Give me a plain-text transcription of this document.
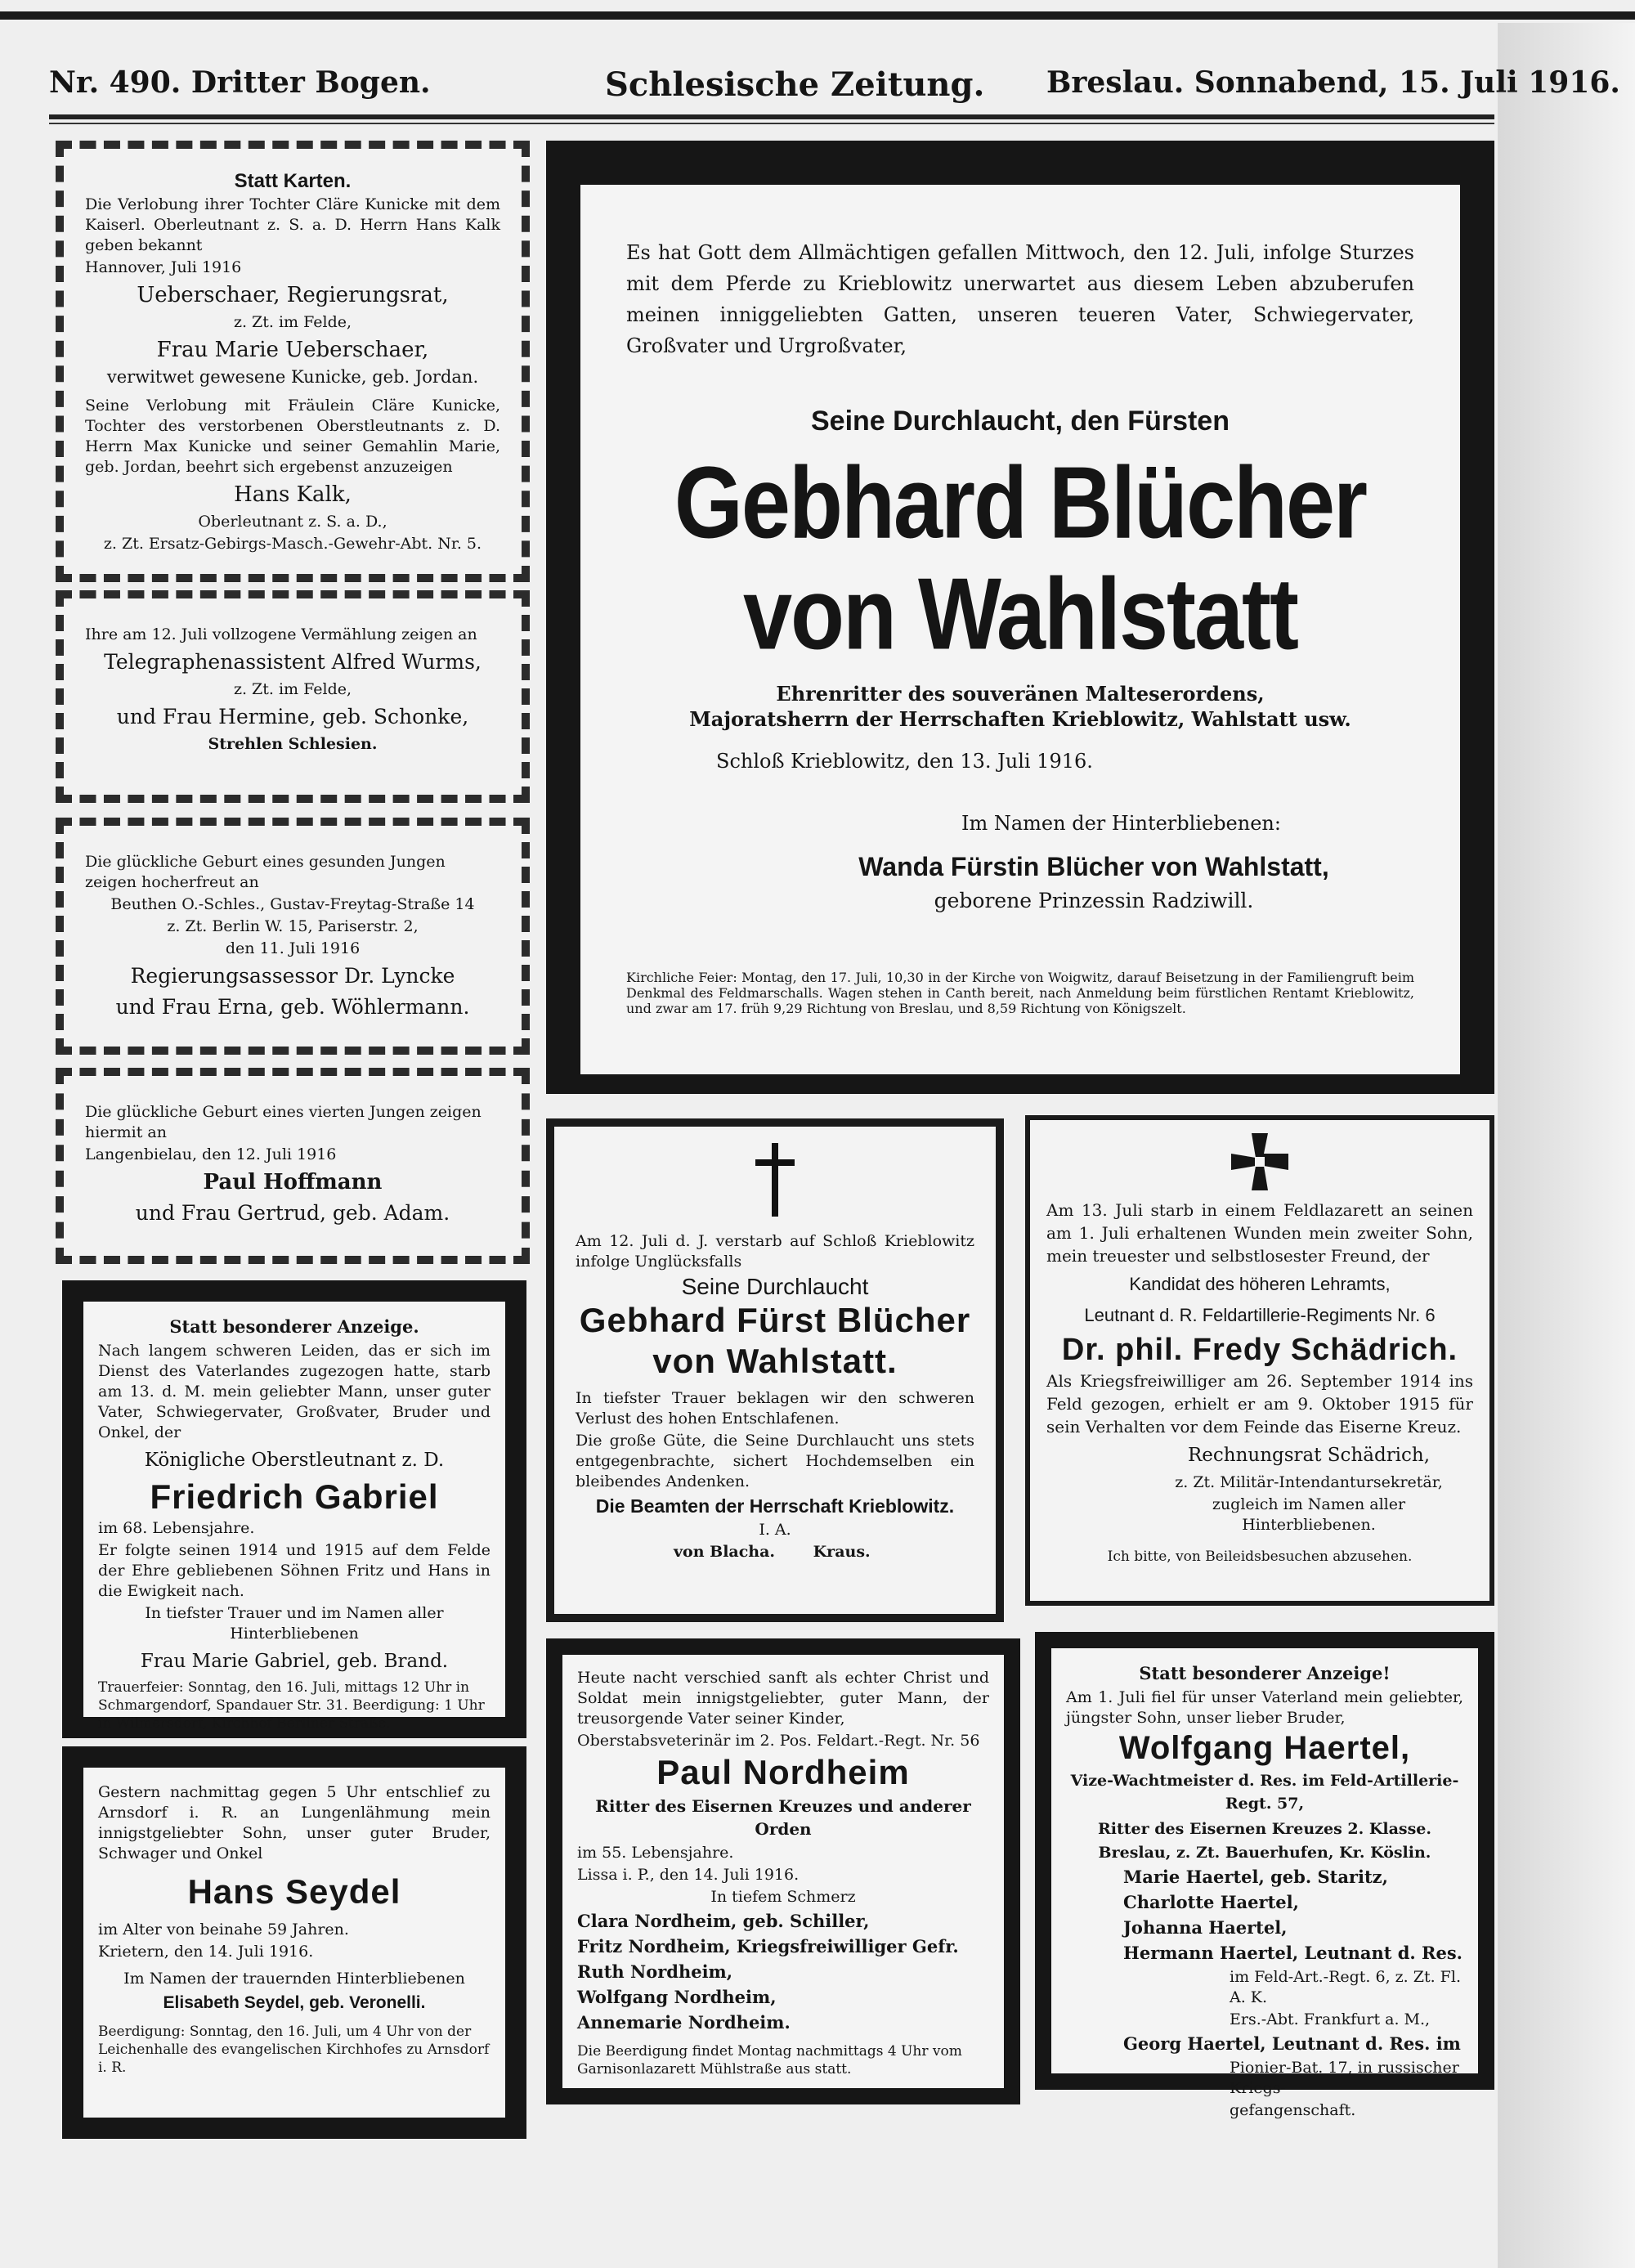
Nr. 490. Dritter Bogen.	Schlesische Zeitung. Breslau. Sonnabend, 15. Juli 1916.
Statt Karten.
Die Verlobung ihrer Tochter Cläre Kunicke mit dem Kaiserl. Oberleutnant z. S. a. D. Herrn Hans Kalk geben bekannt
Hannover, Juli 1916
Ueberschaer, Regierungsrat,
z. Zt. im Felde,
Frau Marie Ueberschaer,
verwitwet gewesene Kunicke, geb. Jordan.
Seine Verlobung mit Fräulein Cläre Kunicke, Tochter des verstorbenen Oberstleutnants z. D. Herrn Max Kunicke und seiner Gemahlin Marie, geb. Jordan, beehrt sich ergebenst anzuzeigen
Hans Kalk,
Oberleutnant z. S. a. D.,
z. Zt. Ersatz-Gebirgs-Masch.-Gewehr-Abt. Nr. 5.
Ihre am 12. Juli vollzogene Vermählung zeigen an
Telegraphenassistent Alfred Wurms,
z. Zt. im Felde,
und Frau Hermine, geb. Schonke,
Strehlen Schlesien.
Die glückliche Geburt eines gesunden Jungen zeigen hocherfreut an
Beuthen O.-Schles., Gustav-Freytag-Straße 14
z. Zt. Berlin W. 15, Pariserstr. 2,
den 11. Juli 1916
Regierungsassessor Dr. Lyncke
und Frau Erna, geb. Wöhlermann.
Die glückliche Geburt eines vierten Jungen zeigen hiermit an
Langenbielau, den 12. Juli 1916
Paul Hoffmann
und Frau Gertrud, geb. Adam.
Statt besonderer Anzeige.
Nach langem schweren Leiden, das er sich im Dienst des Vaterlandes zugezogen hatte, starb am 13. d. M. mein geliebter Mann, unser guter Vater, Schwiegervater, Großvater, Bruder und Onkel, der
Königliche Oberstleutnant z. D.
Friedrich Gabriel
im 68. Lebensjahre.
Er folgte seinen 1914 und 1915 auf dem Felde der Ehre gebliebenen Söhnen Fritz und Hans in die Ewigkeit nach.
In tiefster Trauer und im Namen aller Hinterbliebenen
Frau Marie Gabriel, geb. Brand.
Trauerfeier: Sonntag, den 16. Juli, mittags 12 Uhr in Schmargendorf, Spandauer Str. 31. Beerdigung: 1 Uhr in Wilmersdorf, Kirchhof Berliner Straße.
Gestern nachmittag gegen 5 Uhr entschlief zu Arnsdorf i. R. an Lungenlähmung mein innigstgeliebter Sohn, unser guter Bruder, Schwager und Onkel
Hans Seydel
im Alter von beinahe 59 Jahren.
Krietern, den 14. Juli 1916.
Im Namen der trauernden Hinterbliebenen
Elisabeth Seydel, geb. Veronelli.
Beerdigung: Sonntag, den 16. Juli, um 4 Uhr von der Leichenhalle des evangelischen Kirchhofes zu Arnsdorf i. R.
Es hat Gott dem Allmächtigen gefallen Mittwoch, den 12. Juli, infolge Sturzes mit dem Pferde zu Krieblowitz unerwartet aus diesem Leben abzuberufen meinen inniggeliebten Gatten, unseren teueren Vater, Schwiegervater, Großvater und Urgroßvater,
Seine Durchlaucht, den Fürsten
Gebhard Blücher von Wahlstatt
Ehrenritter des souveränen Malteserordens,
Majoratsherrn der Herrschaften Krieblowitz, Wahlstatt usw.
Schloß Krieblowitz, den 13. Juli 1916.
Im Namen der Hinterbliebenen:
Wanda Fürstin Blücher von Wahlstatt,
geborene Prinzessin Radziwill.
Kirchliche Feier: Montag, den 17. Juli, 10,30 in der Kirche von Woigwitz, darauf Beisetzung in der Familiengruft beim Denkmal des Feldmarschalls. Wagen stehen in Canth bereit, nach Anmeldung beim fürstlichen Rentamt Krieblowitz, und zwar am 17. früh 9,29 Richtung von Breslau, und 8,59 Richtung von Königszelt.
Am 12. Juli d. J. verstarb auf Schloß Krieblowitz infolge Unglücksfalls
Seine Durchlaucht
Gebhard Fürst Blücher
von Wahlstatt.
In tiefster Trauer beklagen wir den schweren Verlust des hohen Entschlafenen.
Die große Güte, die Seine Durchlaucht uns stets entgegenbrachte, sichert Hochdemselben ein bleibendes Andenken.
Die Beamten der Herrschaft Krieblowitz.
I. A.
von Blacha. Kraus.
Am 13. Juli starb in einem Feldlazarett an seinen am 1. Juli erhaltenen Wunden mein zweiter Sohn, mein treuester und selbstlosester Freund, der
Kandidat des höheren Lehramts,
Leutnant d. R. Feldartillerie-Regiments Nr. 6
Dr. phil. Fredy Schädrich.
Als Kriegsfreiwilliger am 26. September 1914 ins Feld gezogen, erhielt er am 9. Oktober 1915 für sein Verhalten vor dem Feinde das Eiserne Kreuz.
Rechnungsrat Schädrich,
z. Zt. Militär-Intendantursekretär,
zugleich im Namen aller Hinterbliebenen.
Ich bitte, von Beileidsbesuchen abzusehen.
Heute nacht verschied sanft als echter Christ und Soldat mein innigstgeliebter, guter Mann, der treusorgende Vater seiner Kinder,
Oberstabsveterinär im 2. Pos. Feldart.-Regt. Nr. 56
Paul Nordheim
Ritter des Eisernen Kreuzes und anderer Orden
im 55. Lebensjahre.
Lissa i. P., den 14. Juli 1916.
In tiefem Schmerz
Clara Nordheim, geb. Schiller,
Fritz Nordheim, Kriegsfreiwilliger Gefr.
Ruth Nordheim,
Wolfgang Nordheim,
Annemarie Nordheim.
Die Beerdigung findet Montag nachmittags 4 Uhr vom Garnisonlazarett Mühlstraße aus statt.
Statt besonderer Anzeige!
Am 1. Juli fiel für unser Vaterland mein geliebter, jüngster Sohn, unser lieber Bruder,
Wolfgang Haertel,
Vize-Wachtmeister d. Res. im Feld-Artillerie-Regt. 57,
Ritter des Eisernen Kreuzes 2. Klasse.
Breslau, z. Zt. Bauerhufen, Kr. Köslin.
Marie Haertel, geb. Staritz,
Charlotte Haertel,
Johanna Haertel,
Hermann Haertel, Leutnant d. Res.
im Feld-Art.-Regt. 6, z. Zt. Fl. A. K.
Ers.-Abt. Frankfurt a. M.,
Georg Haertel, Leutnant d. Res. im
Pionier-Bat. 17, in russischer Kriegs-
gefangenschaft.
